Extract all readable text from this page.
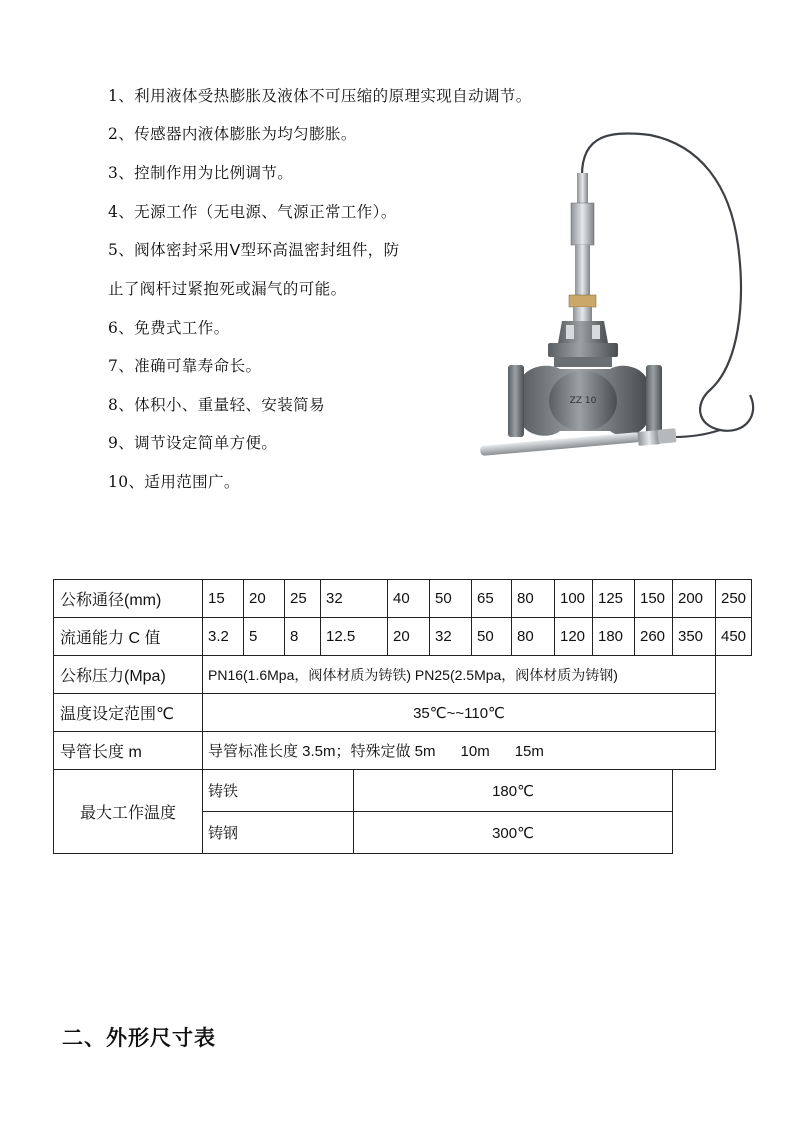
1、利用液体受热膨胀及液体不可压缩的原理实现自动调节。
2、传感器内液体膨胀为均匀膨胀。
3、控制作用为比例调节。
4、无源工作（无电源、气源正常工作）。
5、阀体密封采用Ⅴ型环高温密封组件，防
止了阀杆过紧抱死或漏气的可能。
6、免费式工作。
7、准确可靠寿命长。
8、体积小、重量轻、安装简易
9、调节设定简单方便。
10、适用范围广。
ZZ 10
公称通径(mm)	15	20	25	32		40	50	65	80	100	125	150	200	250
流通能力 C 值	3.2	5	8	12.5		20	32	50	80	120	180	260	350	450
公称压力(Mpa)	PN16(1.6Mpa，阀体材质为铸铁) PN25(2.5Mpa，阀体材质为铸钢)													
温度设定范围℃	35℃~~110℃													
导管长度 m	导管标准长度 3.5m；特殊定做 5m      10m      15m													
最大工作温度	铸铁				180℃									
	铸钢				300℃									
二、外形尺寸表
